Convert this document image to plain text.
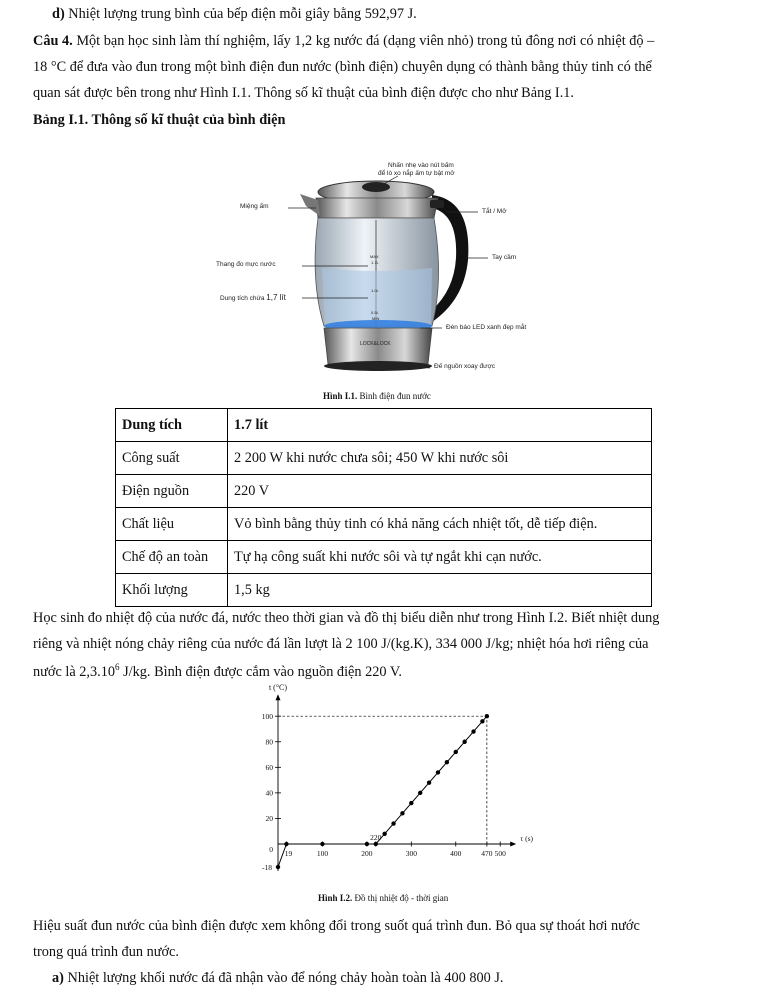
d) Nhiệt lượng trung bình của bếp điện mỗi giây bằng 592,97 J.
Câu 4. Một bạn học sinh làm thí nghiệm, lấy 1,2 kg nước đá (dạng viên nhỏ) trong tủ đông nơi có nhiệt độ –
18 °C để đưa vào đun trong một bình điện đun nước (bình điện) chuyên dụng có thành bằng thủy tinh có thể
quan sát được bên trong như Hình I.1. Thông số kĩ thuật của bình điện được cho như Bảng I.1.
Bảng I.1. Thông số kĩ thuật của bình điện
Nhấn nhẹ vào nút bấm
để lò xo nắp ấm tự bật mở
Miệng ấm
Tắt / Mở
Tay cầm
Thang đo mực nước
Dung tích chứa 1,7 lít
Đèn báo LED xanh đẹp mắt
Đế nguồn xoay được
LOCK&LOCK
MAX
1.7L
1.0L
0.5L
MIN
Hình I.1. Bình điện đun nước
Dung tích	1.7 lít
Công suất	2 200 W khi nước chưa sôi; 450 W khi nước sôi
Điện nguồn	220 V
Chất liệu	Vỏ bình bằng thủy tinh có khả năng cách nhiệt tốt, dễ tiếp điện.
Chế độ an toàn	Tự hạ công suất khi nước sôi và tự ngắt khi cạn nước.
Khối lượng	1,5 kg
Học sinh đo nhiệt độ của nước đá, nước theo thời gian và đồ thị biểu diễn như trong Hình I.2. Biết nhiệt dung
riêng và nhiệt nóng chảy riêng của nước đá lần lượt là 2 100 J/(kg.K), 334 000 J/kg; nhiệt hóa hơi riêng của
nước là 2,3.10$^6$ J/kg. Bình điện được cắm vào nguồn điện 220 V.
t (°C)
τ (s)
20
40
60
80
100
0
-18
19	100	200
220
300	400	470 500
Hình I.2. Đồ thị nhiệt độ - thời gian
Hiệu suất đun nước của bình điện được xem không đổi trong suốt quá trình đun. Bỏ qua sự thoát hơi nước
trong quá trình đun nước.
a) Nhiệt lượng khối nước đá đã nhận vào để nóng chảy hoàn toàn là 400 800 J.
